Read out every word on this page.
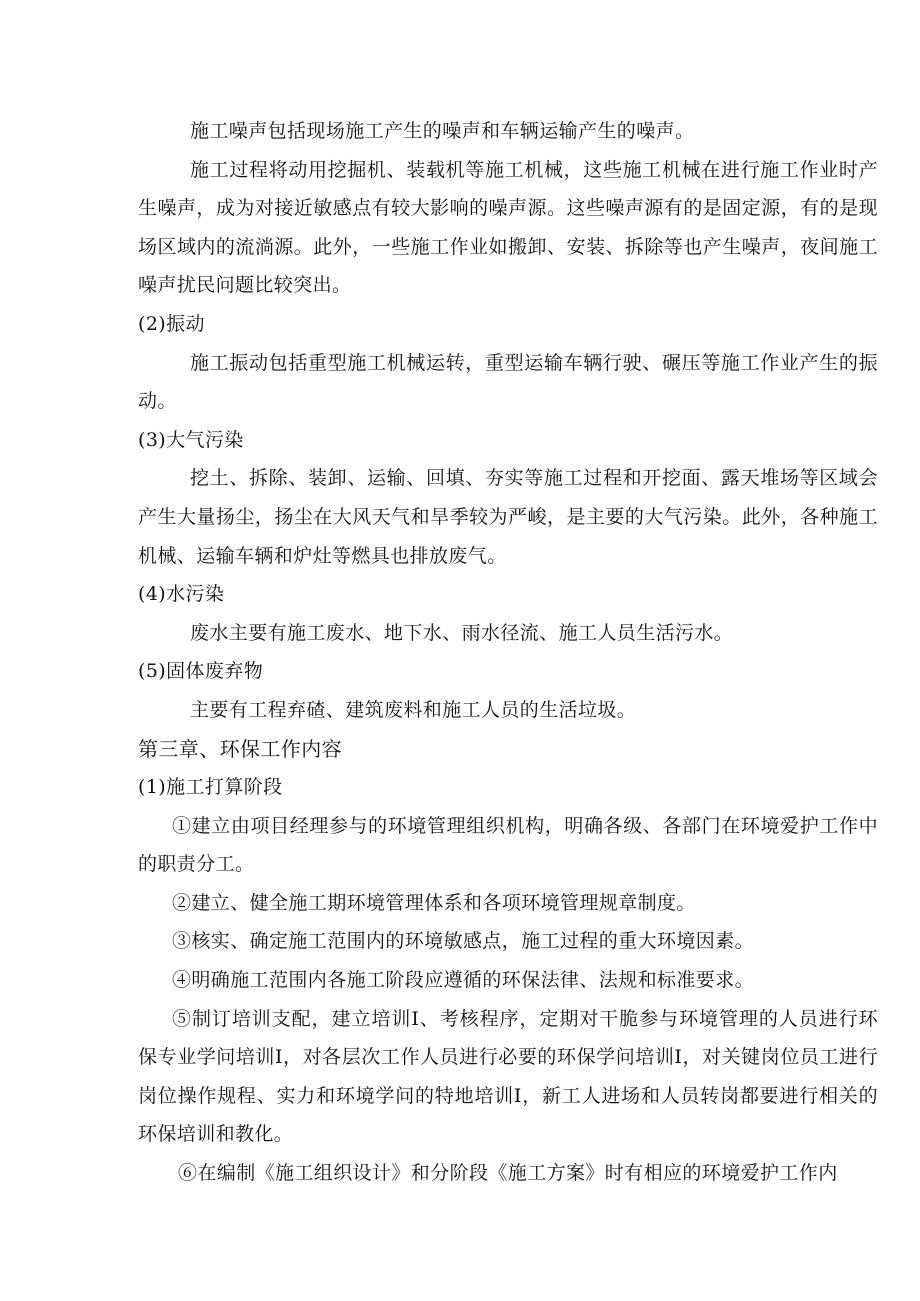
施工噪声包括现场施工产生的噪声和车辆运输产生的噪声。

施工过程将动用挖掘机、装载机等施工机械，这些施工机械在进行施工作业时产生噪声，成为对接近敏感点有较大影响的噪声源。这些噪声源有的是固定源，有的是现场区域内的流淌源。此外，一些施工作业如搬卸、安装、拆除等也产生噪声，夜间施工噪声扰民问题比较突出。

(2)振动

施工振动包括重型施工机械运转，重型运输车辆行驶、碾压等施工作业产生的振动。

(3)大气污染

挖土、拆除、装卸、运输、回填、夯实等施工过程和开挖面、露天堆场等区域会产生大量扬尘，扬尘在大风天气和旱季较为严峻，是主要的大气污染。此外，各种施工机械、运输车辆和炉灶等燃具也排放废气。

(4)水污染

废水主要有施工废水、地下水、雨水径流、施工人员生活污水。

(5)固体废弃物

主要有工程弃碴、建筑废料和施工人员的生活垃圾。

第三章、环保工作内容

(1)施工打算阶段

①建立由项目经理参与的环境管理组织机构，明确各级、各部门在环境爱护工作中的职责分工。

②建立、健全施工期环境管理体系和各项环境管理规章制度。

③核实、确定施工范围内的环境敏感点，施工过程的重大环境因素。

④明确施工范围内各施工阶段应遵循的环保法律、法规和标准要求。

⑤制订培训支配，建立培训Ⅰ、考核程序，定期对干脆参与环境管理的人员进行环保专业学问培训Ⅰ，对各层次工作人员进行必要的环保学问培训Ⅰ，对关键岗位员工进行岗位操作规程、实力和环境学问的特地培训Ⅰ，新工人进场和人员转岗都要进行相关的环保培训和教化。

⑥在编制《施工组织设计》和分阶段《施工方案》时有相应的环境爱护工作内
